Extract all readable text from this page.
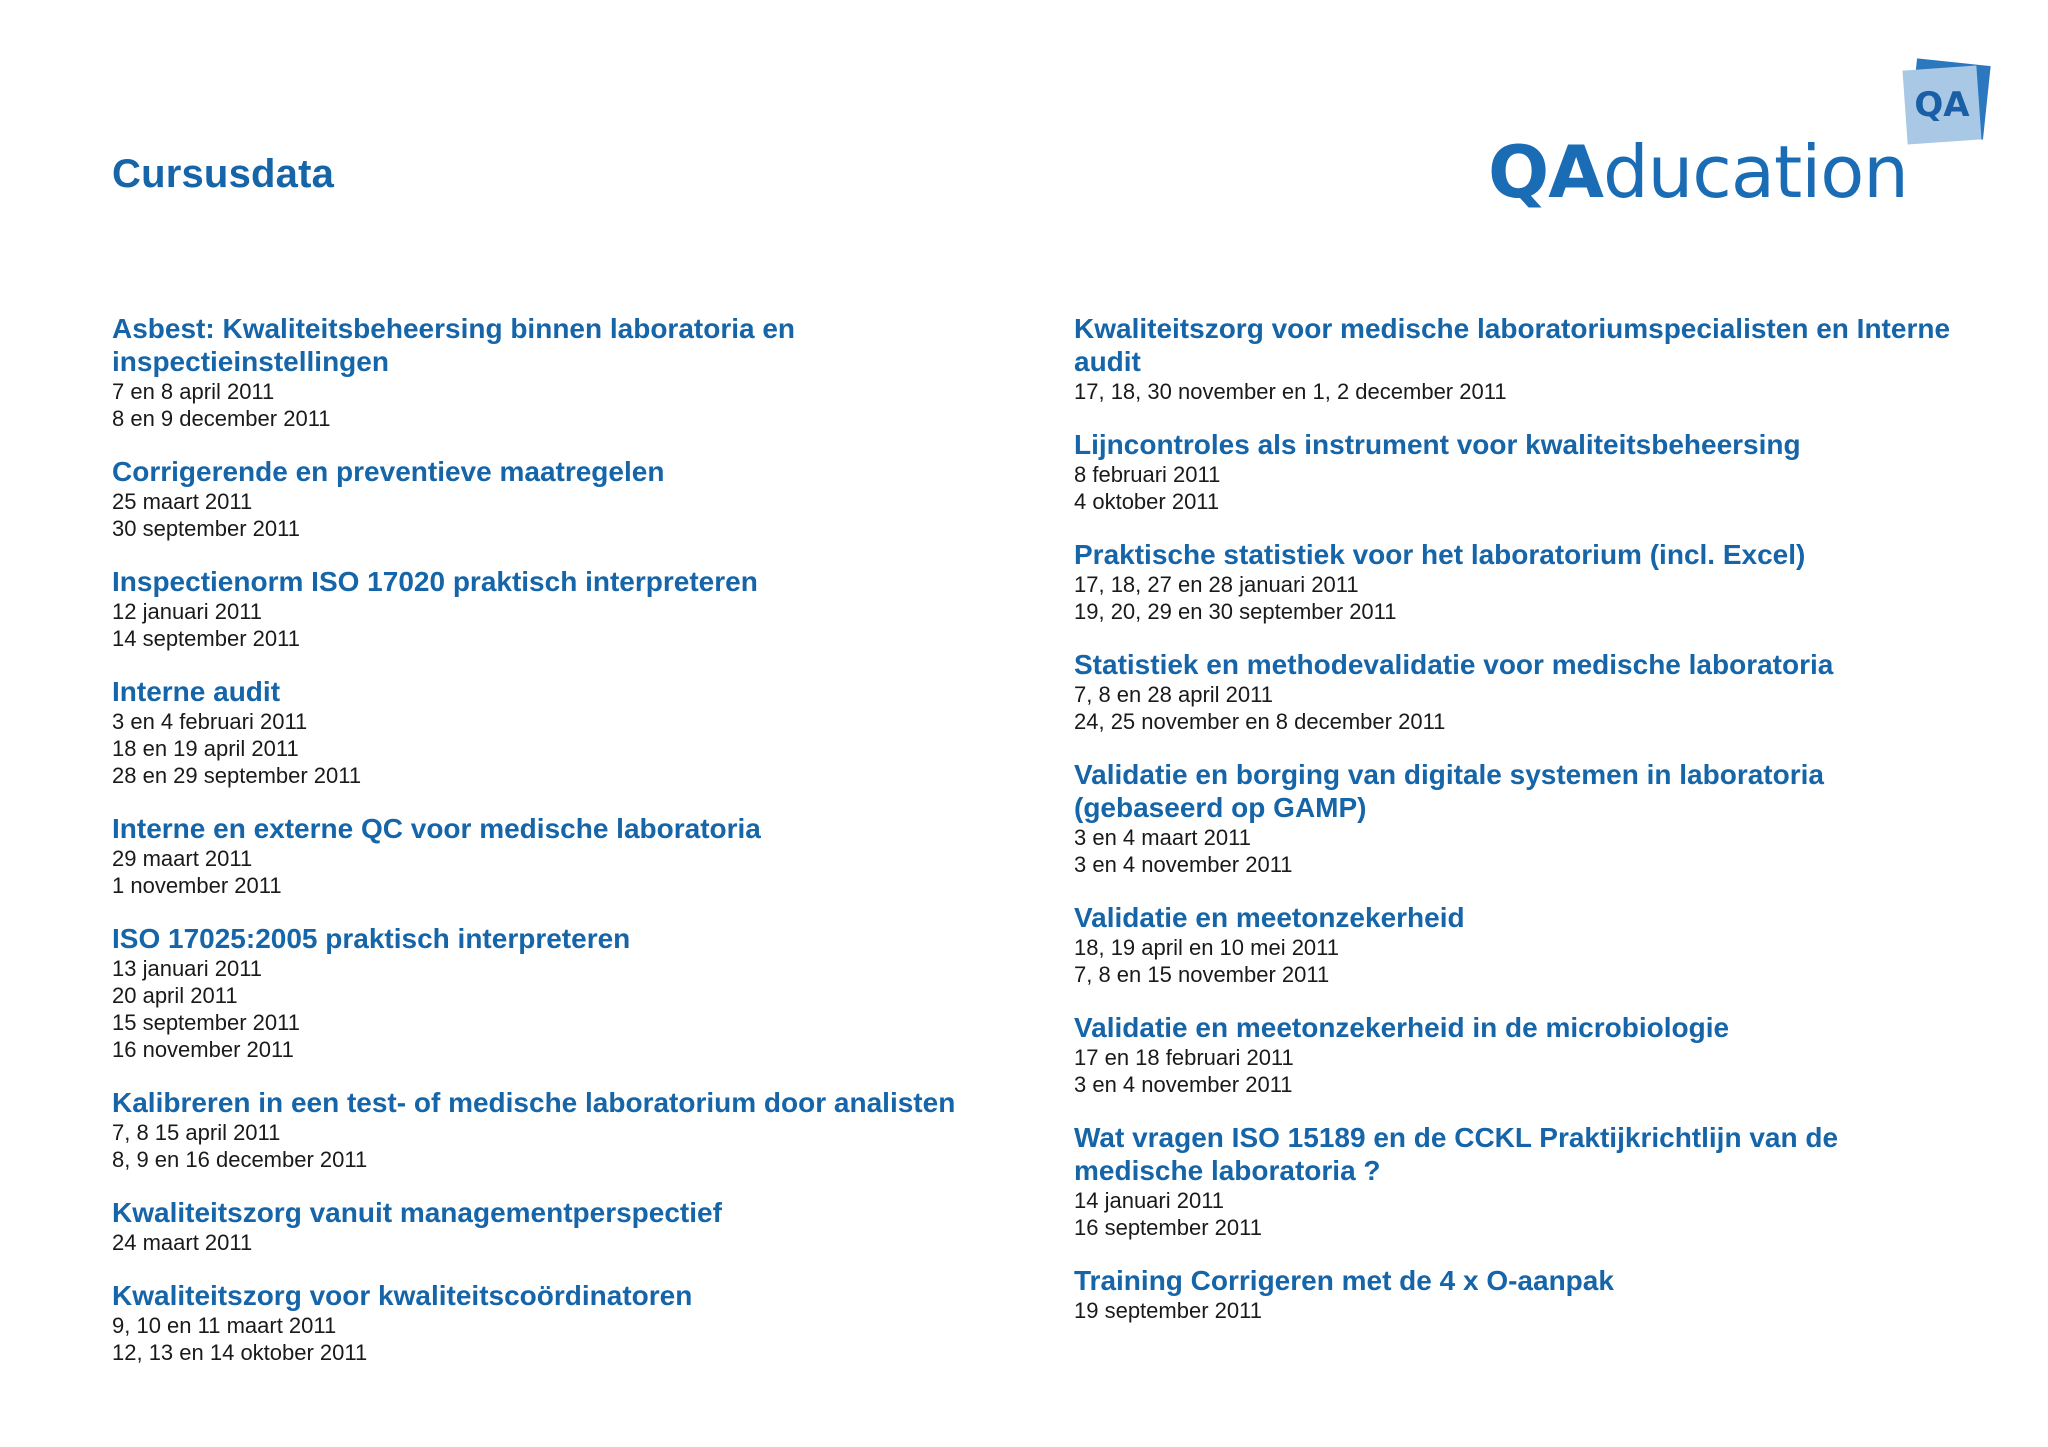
Cursusdata
QA
QAducation
Asbest: Kwaliteitsbeheersing binnen laboratoria en inspectieinstellingen
7 en 8 april 2011
8 en 9 december 2011
Corrigerende en preventieve maatregelen
25 maart 2011
30 september 2011
Inspectienorm ISO 17020 praktisch interpreteren
12 januari 2011
14 september 2011
Interne audit
3 en 4 februari 2011
18 en 19 april 2011
28 en 29 september 2011
Interne en externe QC voor medische laboratoria
29 maart 2011
1 november 2011
ISO 17025:2005 praktisch interpreteren
13 januari 2011
20 april 2011
15 september 2011
16 november 2011
Kalibreren in een test- of medische laboratorium door analisten
7, 8 15 april 2011
8, 9 en 16 december 2011
Kwaliteitszorg vanuit managementperspectief
24 maart 2011
Kwaliteitszorg voor kwaliteitscoördinatoren
9, 10 en 11 maart 2011
12, 13 en 14 oktober 2011
Kwaliteitszorg voor medische laboratoriumspecialisten en Interne audit
17, 18, 30 november en 1, 2 december 2011
Lijncontroles als instrument voor kwaliteitsbeheersing
8 februari 2011
4 oktober 2011
Praktische statistiek voor het laboratorium (incl. Excel)
17, 18, 27 en 28 januari 2011
19, 20, 29 en 30 september 2011
Statistiek en methodevalidatie voor medische laboratoria
7, 8 en 28 april 2011
24, 25 november en 8 december 2011
Validatie en borging van digitale systemen in laboratoria (gebaseerd op GAMP)
3 en 4 maart 2011
3 en 4 november 2011
Validatie en meetonzekerheid
18, 19 april en 10 mei 2011
7, 8 en 15 november 2011
Validatie en meetonzekerheid in de microbiologie
17 en 18 februari 2011
3 en 4 november 2011
Wat vragen ISO 15189 en de CCKL Praktijkrichtlijn van de medische laboratoria ?
14 januari 2011
16 september 2011
Training Corrigeren met de 4 x O-aanpak
19 september 2011
